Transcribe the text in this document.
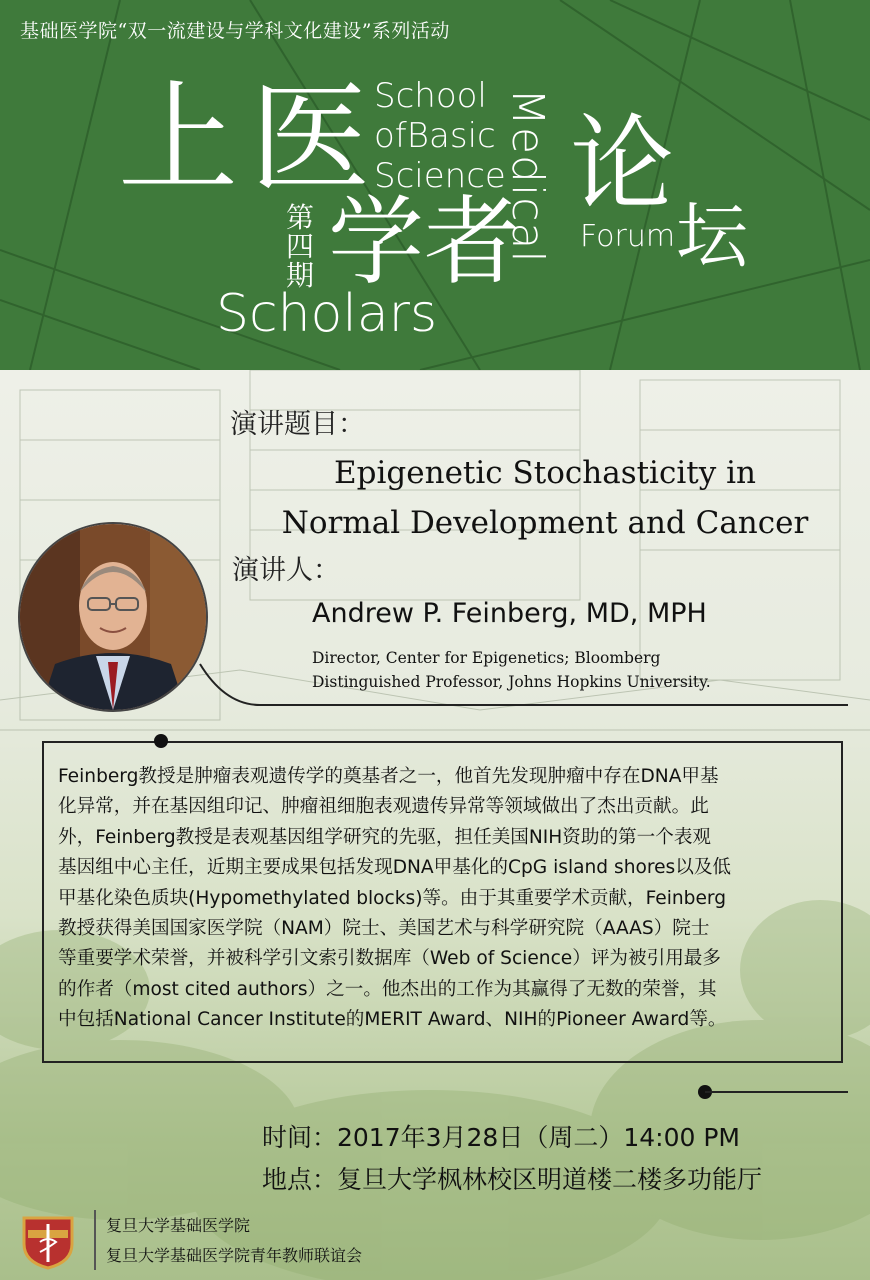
基础医学院“双一流建设与学科文化建设”系列活动
上 医 School
ofBasic
Science
Medical 论
Forum 坛
第四期 学者
Scholars
演讲题目：
Epigenetic Stochasticity in
Normal Development and Cancer
演讲人：
Andrew P. Feinberg, MD, MPH
Director, Center for Epigenetics; Bloomberg
Distinguished Professor, Johns Hopkins University.
Feinberg教授是肿瘤表观遗传学的奠基者之一，他首先发现肿瘤中存在DNA甲基
化异常，并在基因组印记、肿瘤祖细胞表观遗传异常等领域做出了杰出贡献。此
外，Feinberg教授是表观基因组学研究的先驱，担任美国NIH资助的第一个表观
基因组中心主任，近期主要成果包括发现DNA甲基化的CpG island shores以及低
甲基化染色质块(Hypomethylated blocks)等。由于其重要学术贡献，Feinberg
教授获得美国国家医学院（NAM）院士、美国艺术与科学研究院（AAAS）院士
等重要学术荣誉，并被科学引文索引数据库（Web of Science）评为被引用最多
的作者（most cited authors）之一。他杰出的工作为其赢得了无数的荣誉，其
中包括National Cancer Institute的MERIT Award、NIH的Pioneer Award等。
时间：2017年3月28日（周二）14:00 PM
地点：复旦大学枫林校区明道楼二楼多功能厅
复旦大学基础医学院
复旦大学基础医学院青年教师联谊会
